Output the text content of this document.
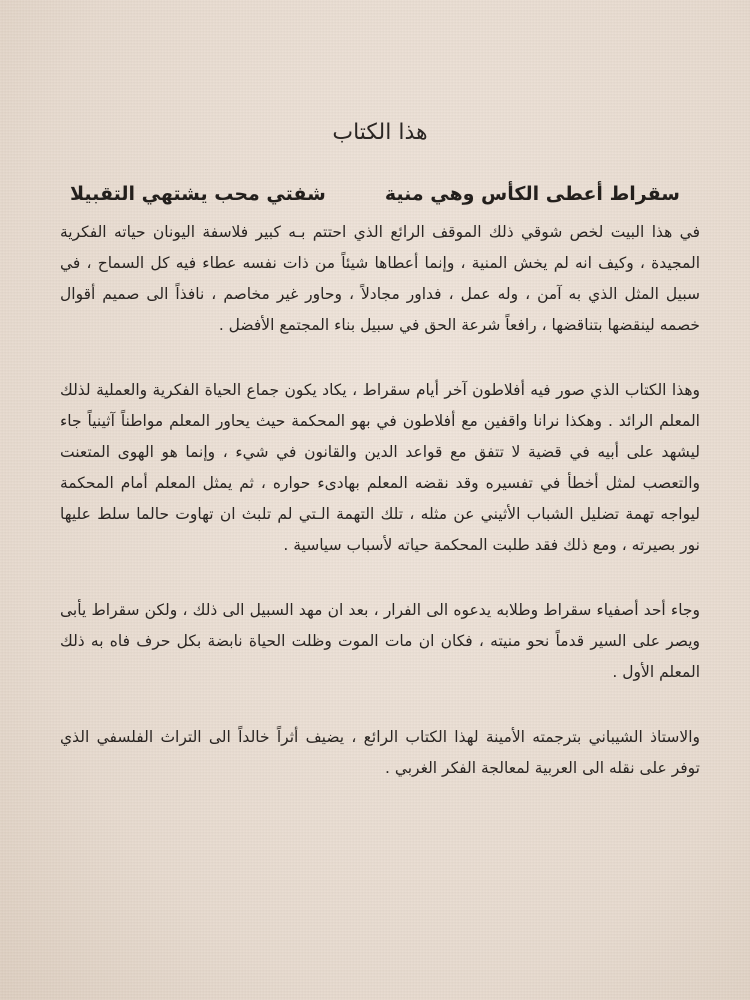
هذا الكتاب
سقراط أعطى الكأس وهي منية
شفتي محب يشتهي التقبيلا

في هذا البيت لخص شوقي ذلك الموقف الرائع الذي احتتم بـه كبير فلاسفة اليونان حياته الفكرية المجيدة ، وكيف انه لم يخش المنية ، وإنما أعطاها شيئاً من ذات نفسه عطاء فيه كل السماح ، في سبيل المثل الذي به آمن ، وله عمل ، فداور مجادلاً ، وحاور غير مخاصم ، نافذاً الى صميم أقوال خصمه لينقضها بتناقضها ، رافعاً شرعة الحق في سبيل بناء المجتمع الأفضل .

وهذا الكتاب الذي صور فيه أفلاطون آخر أيام سقراط ، يكاد يكون جماع الحياة الفكرية والعملية لذلك المعلم الرائد . وهكذا نرانا واقفين مع أفلاطون في بهو المحكمة حيث يحاور المعلم مواطناً آثينياً جاء ليشهد على أبيه في قضية لا تتفق مع قواعد الدين والقانون في شيء ، وإنما هو الهوى المتعنت والتعصب لمثل أخطأ في تفسيره وقد نقضه المعلم بهادىء حواره ، ثم يمثل المعلم أمام المحكمة ليواجه تهمة تضليل الشباب الأثيني عن مثله ، تلك التهمة الـتي لم تلبث ان تهاوت حالما سلط عليها نور بصيرته ، ومع ذلك فقد طلبت المحكمة حياته لأسباب سياسية .

وجاء أحد أصفياء سقراط وطلابه يدعوه الى الفرار ، بعد ان مهد السبيل الى ذلك ، ولكن سقراط يأبى ويصر على السير قدماً نحو منيته ، فكان ان مات الموت وظلت الحياة نابضة بكل حرف فاه به ذلك المعلم الأول .

والاستاذ الشيباني بترجمته الأمينة لهذا الكتاب الرائع ، يضيف أثراً خالداً الى التراث الفلسفي الذي توفر على نقله الى العربية لمعالجة الفكر الغربي .
